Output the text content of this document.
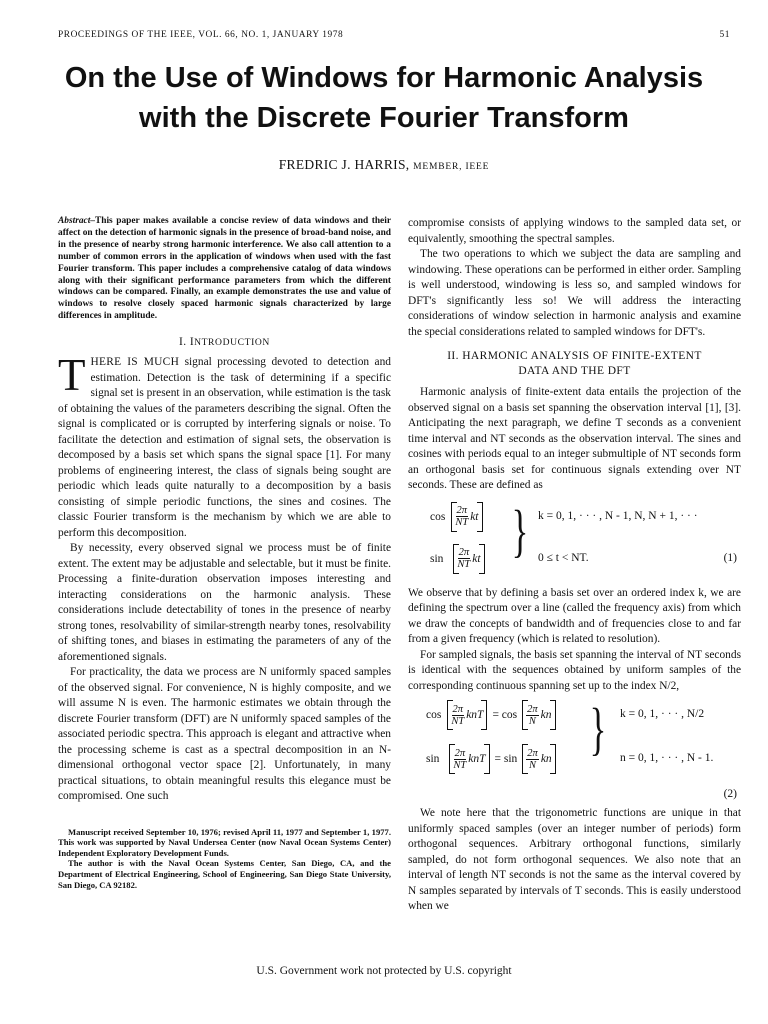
PROCEEDINGS OF THE IEEE, VOL. 66, NO. 1, JANUARY 1978	51
On the Use of Windows for Harmonic Analysis
with the Discrete Fourier Transform
FREDRIC J. HARRIS, MEMBER, IEEE

Abstract–This paper makes available a concise review of data windows and their affect on the detection of harmonic signals in the presence of broad-band noise, and in the presence of nearby strong harmonic interference. We also call attention to a number of common errors in the application of windows when used with the fast Fourier transform. This paper includes a comprehensive catalog of data windows along with their significant performance parameters from which the different windows can be compared. Finally, an example demonstrates the use and value of windows to resolve closely spaced harmonic signals characterized by large differences in amplitude.

I. INTRODUCTION

THERE IS MUCH signal processing devoted to detection and estimation. Detection is the task of determining if a specific signal set is present in an observation, while estimation is the task of obtaining the values of the parameters describing the signal. Often the signal is complicated or is corrupted by interfering signals or noise. To facilitate the detection and estimation of signal sets, the observation is decomposed by a basis set which spans the signal space [1]. For many problems of engineering interest, the class of signals being sought are periodic which leads quite naturally to a decomposition by a basis consisting of simple periodic functions, the sines and cosines. The classic Fourier transform is the mechanism by which we are able to perform this decomposition.

By necessity, every observed signal we process must be of finite extent. The extent may be adjustable and selectable, but it must be finite. Processing a finite-duration observation imposes interesting and interacting considerations on the harmonic analysis. These considerations include detectability of tones in the presence of nearby strong tones, resolvability of similar-strength nearby tones, resolvability of shifting tones, and biases in estimating the parameters of any of the aforementioned signals.

For practicality, the data we process are N uniformly spaced samples of the observed signal. For convenience, N is highly composite, and we will assume N is even. The harmonic estimates we obtain through the discrete Fourier transform (DFT) are N uniformly spaced samples of the associated periodic spectra. This approach is elegant and attractive when the processing scheme is cast as a spectral decomposition in an N-dimensional orthogonal vector space [2]. Unfortunately, in many practical situations, to obtain meaningful results this elegance must be compromised. One such

Manuscript received September 10, 1976; revised April 11, 1977 and September 1, 1977. This work was supported by Naval Undersea Center (now Naval Ocean Systems Center) Independent Exploratory Development Funds.

The author is with the Naval Ocean Systems Center, San Diego, CA, and the Department of Electrical Engineering, School of Engineering, San Diego State University, San Diego, CA 92182.

compromise consists of applying windows to the sampled data set, or equivalently, smoothing the spectral samples.

The two operations to which we subject the data are sampling and windowing. These operations can be performed in either order. Sampling is well understood, windowing is less so, and sampled windows for DFT's significantly less so! We will address the interacting considerations of window selection in harmonic analysis and examine the special considerations related to sampled windows for DFT's.

II. HARMONIC ANALYSIS OF FINITE-EXTENT
DATA AND THE DFT

Harmonic analysis of finite-extent data entails the projection of the observed signal on a basis set spanning the observation interval [1], [3]. Anticipating the next paragraph, we define T seconds as a convenient time interval and NT seconds as the observation interval. The sines and cosines with periods equal to an integer submultiple of NT seconds form an orthogonal basis set for continuous signals extending over NT seconds. These are defined as

$\cos \frac{2\pi}{NT}$ kt
$\sin \frac{2\pi}{NT}$ kt } k = 0, 1, · · · , N - 1, N, N + 1, · · ·
0 ≤ t < NT.	(1)

We observe that by defining a basis set over an ordered index k, we are defining the spectrum over a line (called the frequency axis) from which we draw the concepts of bandwidth and of frequencies close to and far from a given frequency (which is related to resolution).

For sampled signals, the basis set spanning the interval of NT seconds is identical with the sequences obtained by uniform samples of the corresponding continuous spanning set up to the index N/2,

$\cos \frac{2\pi}{NT}$ knT = $\cos \frac{2\pi}{N}$ kn
$\sin \frac{2\pi}{NT}$ knT = $\sin \frac{2\pi}{N}$ kn } k = 0, 1, · · · , N/2
n = 0, 1, · · · , N - 1.
(2)

We note here that the trigonometric functions are unique in that uniformly spaced samples (over an integer number of periods) form orthogonal sequences. Arbitrary orthogonal functions, similarly sampled, do not form orthogonal sequences. We also note that an interval of length NT seconds is not the same as the interval covered by N samples separated by intervals of T seconds. This is easily understood when we

U.S. Government work not protected by U.S. copyright
